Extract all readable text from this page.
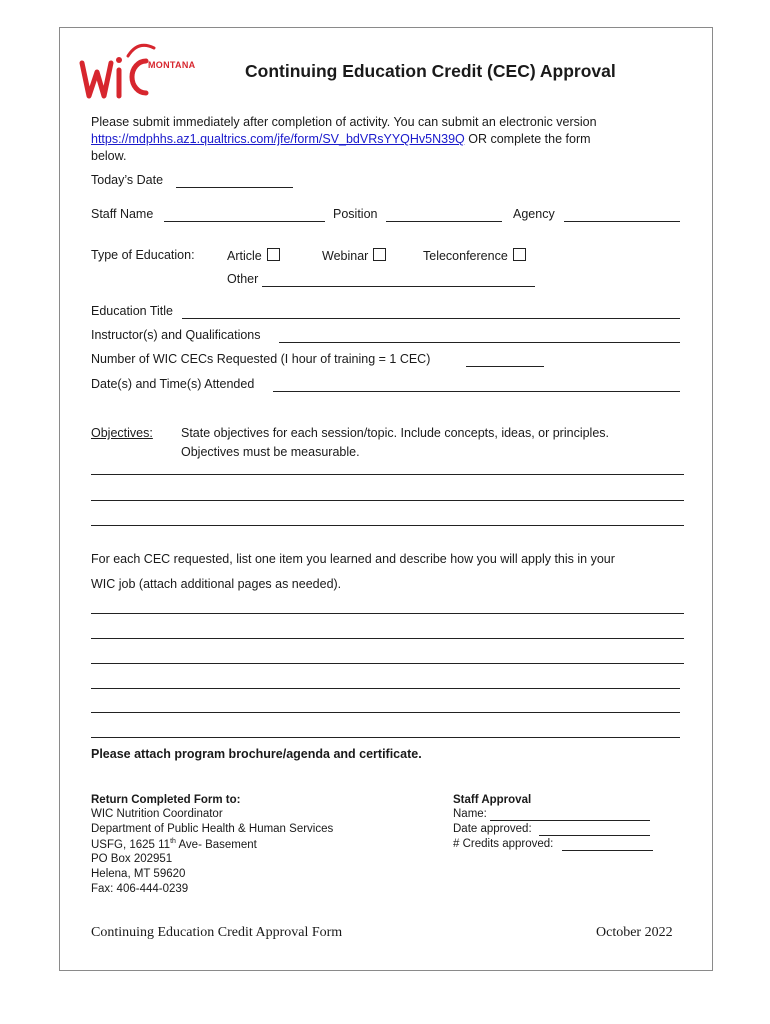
MONTANA	Continuing Education Credit (CEC) Approval
Please submit immediately after completion of activity. You can submit an electronic version
https://mdphhs.az1.qualtrics.com/jfe/form/SV_bdVRsYYQHv5N39Q OR complete the form
below.
Today’s Date
Staff Name	Position	Agency
Type of Education:	Article	Webinar	Teleconference
Other
Education Title
Instructor(s) and Qualifications
Number of WIC CECs Requested (I hour of training = 1 CEC)
Date(s) and Time(s) Attended
Objectives: State objectives for each session/topic. Include concepts, ideas, or principles.
Objectives must be measurable.
For each CEC requested, list one item you learned and describe how you will apply this in your
WIC job (attach additional pages as needed).
Please attach program brochure/agenda and certificate.
Return Completed Form to:
WIC Nutrition Coordinator
Department of Public Health & Human Services
USFG, 1625 11th Ave- Basement
PO Box 202951
Helena, MT 59620
Fax: 406-444-0239
Staff Approval
Name:
Date approved:
# Credits approved:
Continuing Education Credit Approval Form	October 2022
